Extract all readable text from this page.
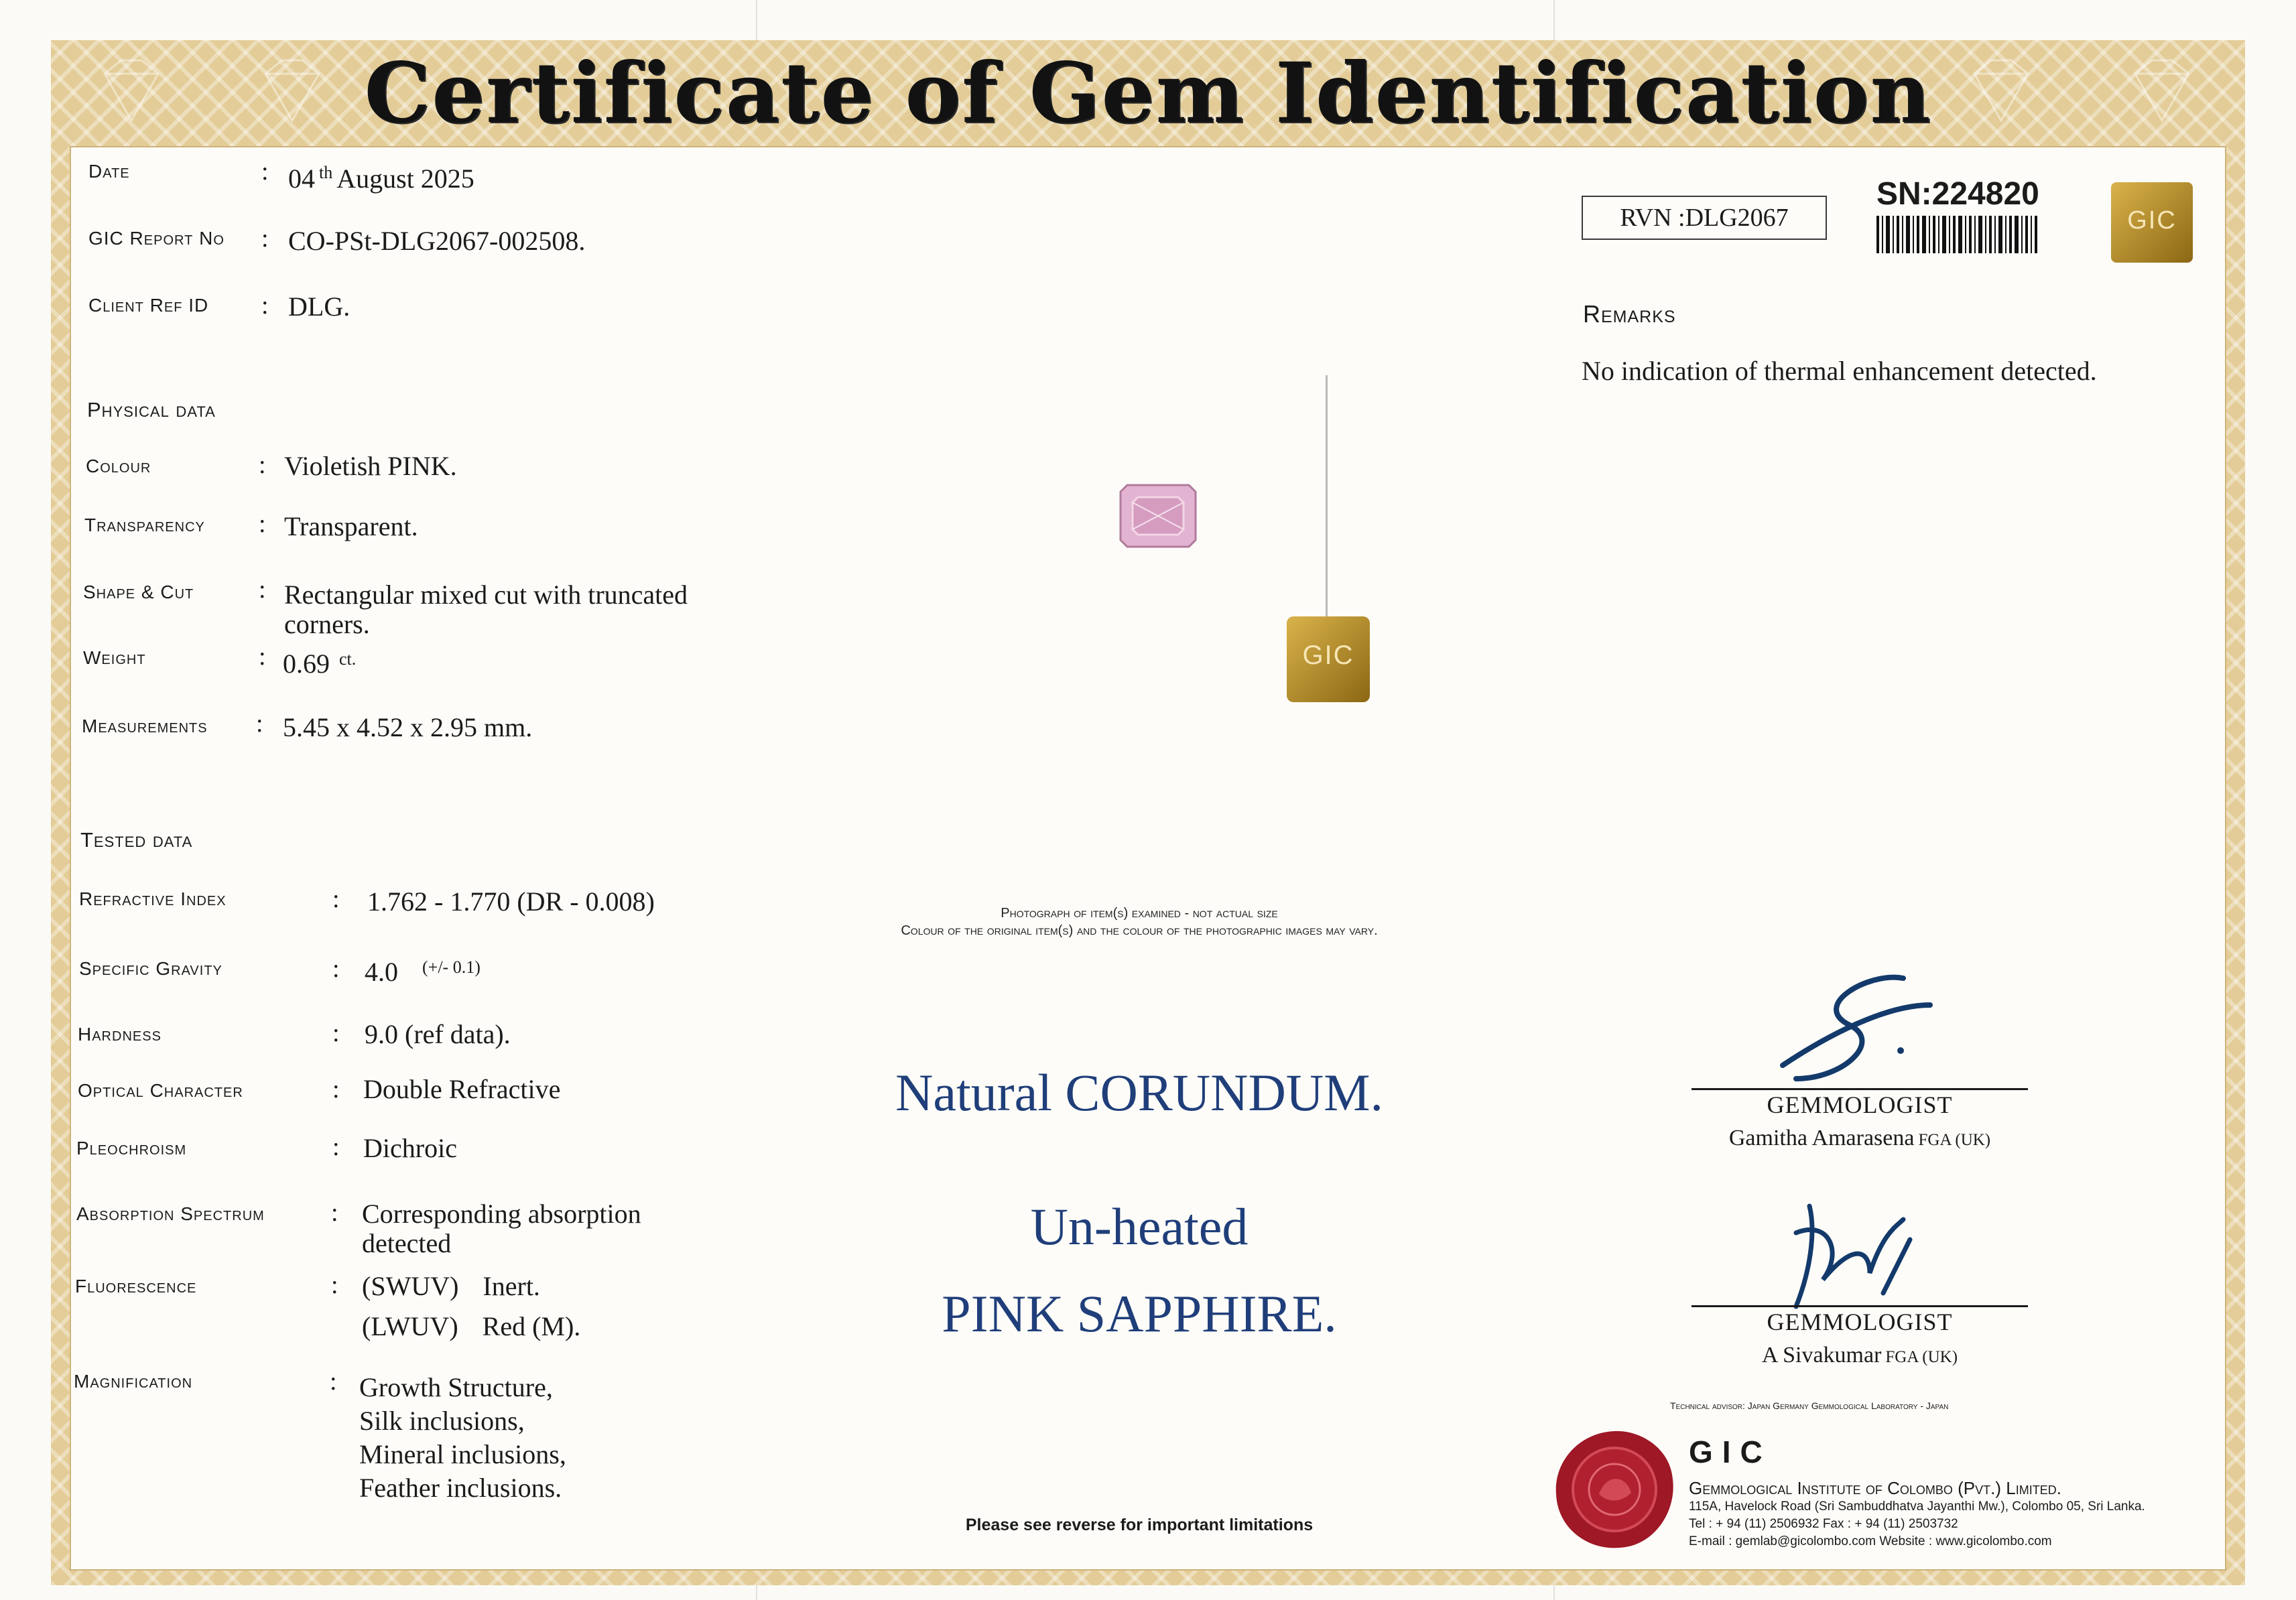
Certificate of Gem Identification
Date	: 04 $^{th}$ August 2025
GIC Report No : CO-PSt-DLG2067-002508.
Client Ref ID : DLG.
Physical data
Colour	: Violetish PINK.
Transparency : Transparent.
Shape & Cut	: Rectangular mixed cut with truncated
corners.
Weight	: 0.69 $^{ct.}$
Measurements : 5.45 x 4.52 x 2.95 mm.
Tested data
Refractive Index	: 1.762 - 1.770 (DR - 0.008)
Specific Gravity	: 4.0 $^{(+/- 0.1)}$
Hardness	: 9.0 (ref data).
Optical Character	: Double Refractive
Pleochroism	: Dichroic
Absorption Spectrum	: Corresponding absorption
detected
Fluorescence	: (SWUV) Inert.
(LWUV) Red (M).
Magnification	: Growth Structure,
Silk inclusions,
Mineral inclusions,
Feather inclusions.
GIC
Photograph of item(s) examined - not actual size
Colour of the original item(s) and the colour of the photographic images may vary.
Natural CORUNDUM.
Un-heated
PINK SAPPHIRE.
Please see reverse for important limitations
RVN :DLG2067
SN:224820
GIC
Remarks
No indication of thermal enhancement detected.
GEMMOLOGIST
Gamitha Amarasena FGA (UK)
GEMMOLOGIST
A Sivakumar FGA (UK)
Technical advisor: Japan Germany Gemmological Laboratory - Japan
GIC
Gemmological Institute of Colombo (Pvt.) Limited.
115A, Havelock Road (Sri Sambuddhatva Jayanthi Mw.), Colombo 05, Sri Lanka.
Tel : + 94 (11) 2506932 Fax : + 94 (11) 2503732
E-mail : gemlab@gicolombo.com Website : www.gicolombo.com
